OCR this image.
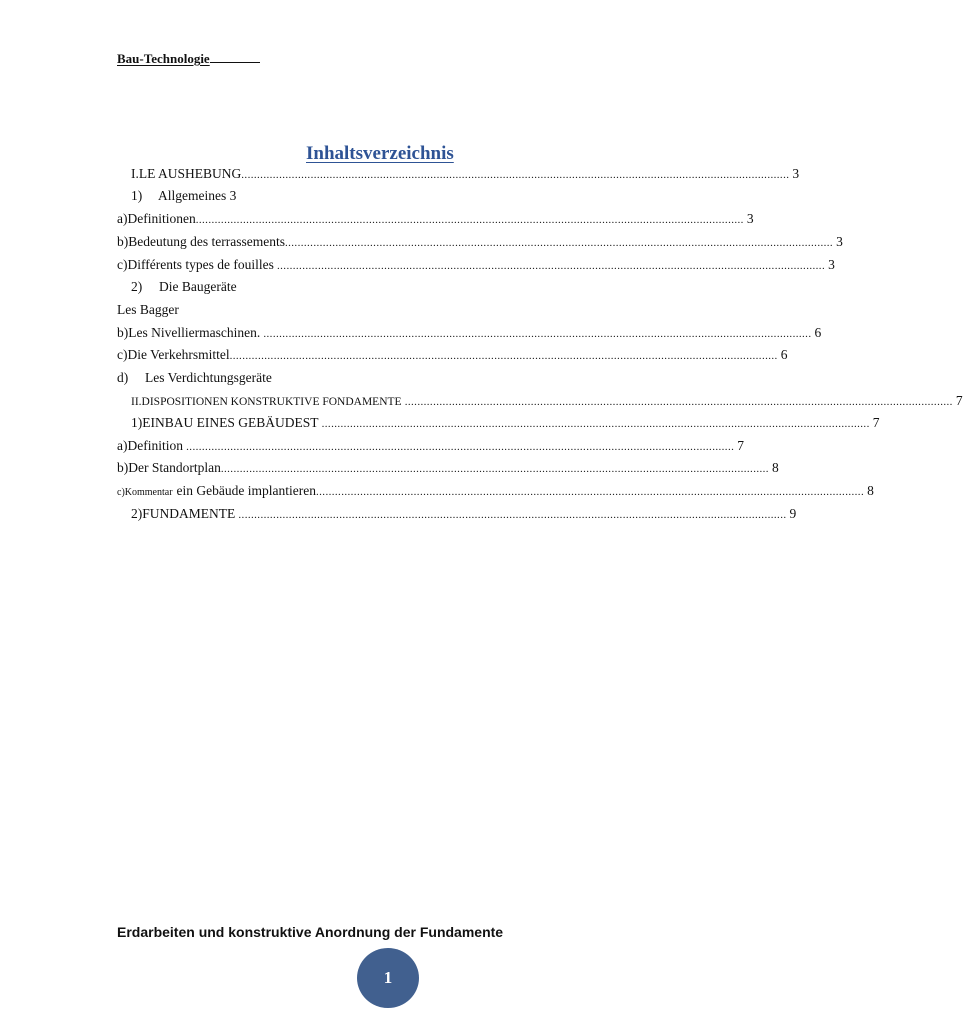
Bau-Technologie
Inhaltsverzeichnis
I. LE AUSHEBUNG .............................................................................................................................................................................. 3
1)	Allgemeines 3
a) Definitionen .............................................................................................................................................................................. 3
b) Bedeutung des terrassements .............................................................................................................................................................................. 3
c) Différents types de fouilles .............................................................................................................................................................................. 3
2)	Die Baugeräte
Les Bagger
b) Les Nivelliermaschinen. .............................................................................................................................................................................. 6
c) Die Verkehrsmittel .............................................................................................................................................................................. 6
d)	Les Verdichtungsgeräte
II. DISPOSITIONEN KONSTRUKTIVE FONDAMENTE .............................................................................................................................................................................. 7
1)EINBAU EINES GEBÄUDEST .............................................................................................................................................................................. 7
a) Definition .............................................................................................................................................................................. 7
b)Der Standortplan .............................................................................................................................................................................. 8
c) Kommentar ein Gebäude implantieren .............................................................................................................................................................................. 8
2) FUNDAMENTE .............................................................................................................................................................................. 9
Erdarbeiten und konstruktive Anordnung der Fundamente
1
